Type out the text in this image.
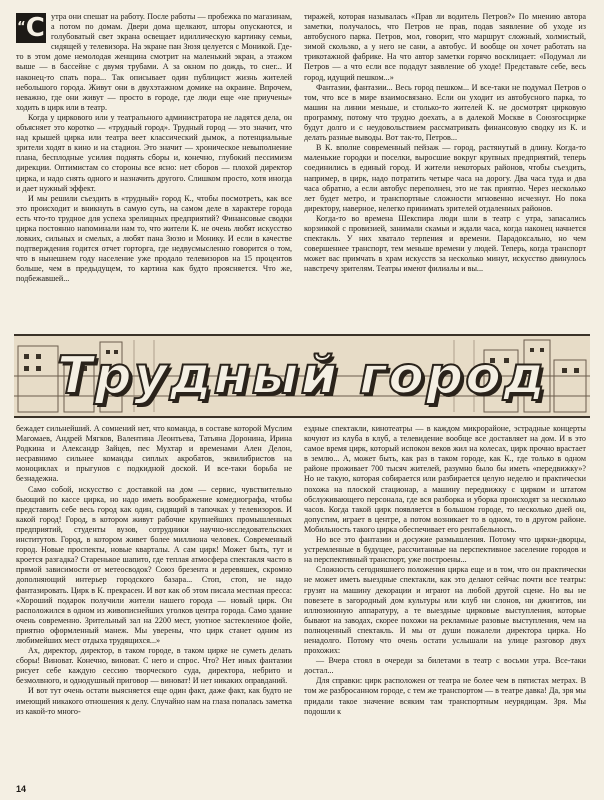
“С утра они спешат на работу. После работы — пробежка по магазинам, а потом по домам. Двери дома щелкают, шторы опускаются, и голубоватый свет экрана освещает идиллическую картинку семьи, сидящей у телевизора. На экране пан Зюзя целуется с Моникой. Где-то в этом доме немолодая женщина смотрит на маленький экран, а этажом выше — в бассейне с двумя трубами. А за окном по дождь, то снег... И наконец-то спать пора... Так описывает один публицист жизнь жителей небольшого города. Живут они в двухэтажном домике на окраине. Впрочем, неважно, где они живут — просто в городе, где люди еще «не приучены» ходить в цирк или в театр.

Когда у циркового или у театрального администратора не ладятся дела, он объясняет это коротко — «трудный город». Трудный город — это значит, что над крышей цирка или театра веет классический дымок, а потенциальные зрители ходят в кино и на стадион. Это значит — хроническое невыполнение плана, бесплодные усилия поднять сборы и, конечно, глубокий пессимизм дирекции. Оптимистам со стороны все ясно: нет сборов — плохой директор цирка, и надо снять одного и назначить другого. Слишком просто, хотя иногда и дает нужный эффект.

И мы решили съездить в «трудный» город К., чтобы посмотреть, как все это происходит и вникнуть в самую суть, на самом деле в характере города есть что-то трудное для успеха зрелищных предприятий? Финансовые сводки цирка постоянно напоминали нам то, что жители К. не очень любят искусство ловких, сильных и смелых, а любят пана Зюзю и Монику. И если в качестве подтверждения годится отчет горторга, где недвусмысленно говорится о том, что в нынешнем году население уже продало телевизоров на 15 процентов больше, чем в предыдущем, то картина как будто проясняется. Что же, подбежавшей...

тиражей, которая называлась «Прав ли водитель Петров?» По мнению автора заметки, получалось, что Петров не прав, подав заявление об уходе из автобусного парка. Петров, мол, говорит, что маршрут сложный, холмистый, зимой скользко, а у него не сани, а автобус. И вообще он хочет работать на трикотажной фабрике. На что автор заметки горячо восклицает: «Подумал ли Петров — а что если все подадут заявление об уходе! Представьте себе, весь город, идущий пешком...»

Фантазии, фантазии... Весь город пешком... И все-таки не подумал Петров о том, что все в мире взаимосвязано. Если он уходит из автобусного парка, то машин на линии меньше, и столько-то жителей К. не досмотрят цирковую программу, потому что трудно доехать, а в далекой Москве в Союзгосцирке будут долго и с неудовольствием рассматривать финансовую сводку из К. и делать разные выводы. Вот так-то, Петров...

В К. вполне современный пейзаж — город, растянутый в длину. Когда-то маленькие городки и поселки, выросшие вокруг крупных предприятий, теперь соединились в единый город. И жители некоторых районов, чтобы съездить, например, в цирк, надо потратить четыре часа на дорогу. Два часа туда и два часа обратно, а если автобус переполнен, это не так приятно. Через несколько лет будет метро, и транспортные сложности мгновенно исчезнут. Но пока директору, наверное, нелегко принимать зрителей отдаленных районов.

Когда-то во времена Шекспира люди шли в театр с утра, запасались корзинкой с провизией, занимали скамьи и ждали часа, когда наконец начнется спектакль. У них хватало терпения и времени. Парадоксально, но чем совершеннее транспорт, тем меньше времени у людей. Теперь, когда транспорт может вас примчать в храм искусств за несколько минут, искусство двинулось навстречу зрителям. Театры имеют филиалы и вы...

Трудный город

бежадет сильнейший. А сомнений нет, что команда, в составе которой Муслим Магомаев, Андрей Мягков, Валентина Леонтьева, Татьяна Доронина, Ирина Родкина и Александр Зайцев, пес Мухтар и временами Ален Делон, несравнимо сильнее команды сиплых акробатов, эквилибристов на моноциклах и прыгунов с подкидной доской. И все-таки борьба не безнадежна.

Само собой, искусство с доставкой на дом — сервис, чувствительно бьющий по кассе цирка, но надо иметь воображение комедиографа, чтобы представить себе весь город как один, сидящий в тапочках у телевизоров. И какой город! Город, в котором живут рабочие крупнейших промышленных предприятий, студенты вузов, сотрудники научно-исследовательских институтов. Город, в котором живет более миллиона человек. Современный город. Новые проспекты, новые кварталы. А сам цирк! Может быть, тут и кроется разгадка? Старенькое шапито, где теплая атмосфера спектакля часто в прямой зависимости от метеосводок? Союз брезента и деревяшек, скромно дополняющий интерьер городского базара... Стоп, стоп, не надо фантазировать. Цирк в К. прекрасен. И вот как об этом писала местная пресса: «Хороший подарок получили жители нашего города — новый цирк. Он расположился в одном из живописнейших уголков центра города. Само здание очень современно. Зрительный зал на 2200 мест, уютное застекленное фойе, приятно оформленный манеж. Мы уверены, что цирк станет одним из любимейших мест отдыха трудящихся...»

Ах, директор, директор, в таком городе, в таком цирке не суметь делать сборы! Виноват. Конечно, виноват. С него и спрос. Что? Нет иных фантазии рисует себе каждую сессию творческого суда, директора, небрито и безмолвного, и однодушный приговор — виноват! И нет никаких оправданий.

И вот тут очень остати выясняется еще один факт, даже факт, как будто не имеющий никакого отношения к делу. Случайно нам на глаза попалась заметка из какой-то много-

ездные спектакли, кинотеатры — в каждом микрорайоне, эстрадные концерты кочуют из клуба в клуб, а телевидение вообще все доставляет на дом. И в это самое время цирк, который испокон веков жил на колесах, цирк прочно врастает в землю... А, может быть, как раз в таком городе, как К., где только в одном районе проживает 700 тысяч жителей, разумно было бы иметь «передвижку»? Но не такую, которая собирается или разбирается целую неделю и практически похожа на плоской стационар, а машину передвижку с цирком и штатом обслуживающего персонала, где вся разборка и уборка происходят за несколько часов. Когда такой цирк появляется в большом городе, то несколько дней он, допустим, играет в центре, а потом возникает то в одном, то в другом районе. Мобильность такого цирка обеспечивает его рентабельность.

Но все это фантазии и досужие размышления. Потому что цирки-дворцы, устремленные в будущее, рассчитанные на перспективное заселение городов и на перспективный транспорт, уже построены...

Сложность сегодняшнего положения цирка еще и в том, что он практически не может иметь выездные спектакли, как это делают сейчас почти все театры: грузят на машину декорации и играют на любой другой сцене. Но вы не повезете в загородный дом культуры или клуб ни слонов, ни джигитов, ни иллюзионную аппаратуру, а те выездные цирковые выступления, которые бывают на заводах, скорее похожи на рекламные разовые выступления, чем на полноценный спектакль. И мы от души пожалели директора цирка. Но ненадолго. Потому что очень остати услышали на улице разговор двух прохожих:

— Вчера стоял в очереди за билетами в театр с восьми утра. Все-таки достал...

Для справки: цирк расположен от театра не более чем в пятистах метрах. В том же разбросанном городе, с тем же транспортом — в театре давка! Да, зря мы придали такое значение всяким там транспортным неурядицам. Зря. Мы подошли к

14
